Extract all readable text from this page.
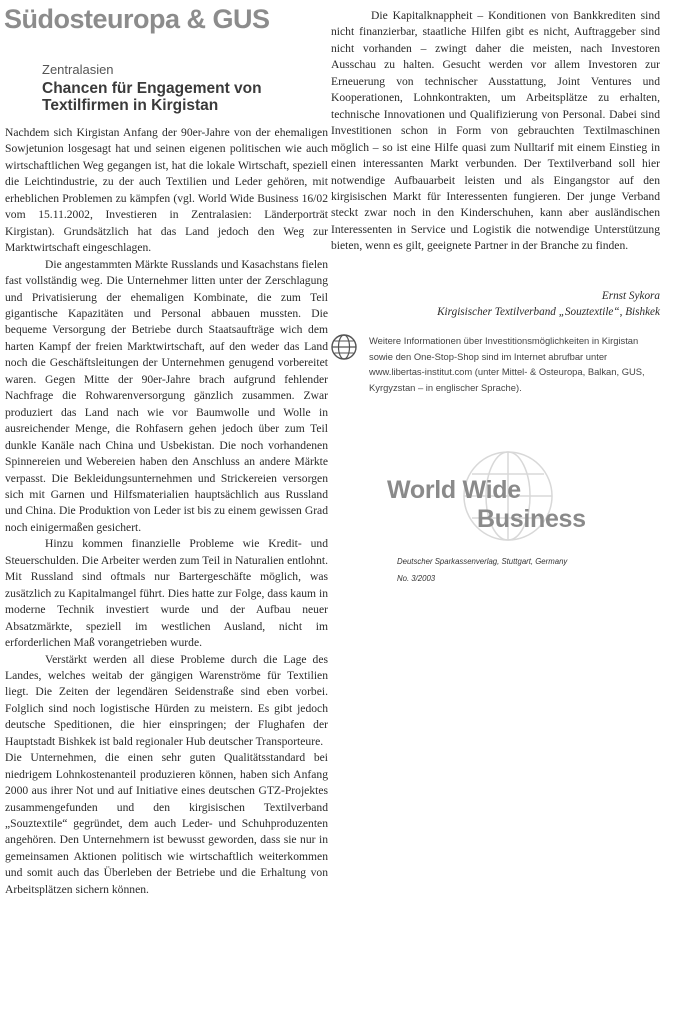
Südosteuropa & GUS
Zentralasien
Chancen für Engagement von Textilfirmen in Kirgistan

Nachdem sich Kirgistan Anfang der 90er-Jahre von der ehemaligen Sowjetunion losgesagt hat und seinen eigenen politischen wie auch wirtschaftlichen Weg gegangen ist, hat die lokale Wirtschaft, speziell die Leichtindustrie, zu der auch Textilien und Leder gehören, mit erheblichen Problemen zu kämpfen (vgl. World Wide Business 16/02 vom 15.11.2002, Investieren in Zentralasien: Länderporträt Kirgistan). Grundsätzlich hat das Land jedoch den Weg zur Marktwirtschaft eingeschlagen.

Die angestammten Märkte Russlands und Kasachstans fielen fast vollständig weg. Die Unternehmer litten unter der Zerschlagung und Privatisierung der ehemaligen Kombinate, die zum Teil gigantische Kapazitäten und Personal abbauen mussten. Die bequeme Versorgung der Betriebe durch Staatsaufträge wich dem harten Kampf der freien Marktwirtschaft, auf den weder das Land noch die Geschäftsleitungen der Unternehmen genugend vorbereitet waren. Gegen Mitte der 90er-Jahre brach aufgrund fehlender Nachfrage die Rohwarenversorgung gänzlich zusammen. Zwar produziert das Land nach wie vor Baumwolle und Wolle in ausreichender Menge, die Rohfasern gehen jedoch über zum Teil dunkle Kanäle nach China und Usbekistan. Die noch vorhandenen Spinnereien und Webereien haben den Anschluss an andere Märkte verpasst. Die Bekleidungsunternehmen und Strickereien versorgen sich mit Garnen und Hilfsmaterialien hauptsächlich aus Russland und China. Die Produktion von Leder ist bis zu einem gewissen Grad noch einigermaßen gesichert.

Hinzu kommen finanzielle Probleme wie Kredit- und Steuerschulden. Die Arbeiter werden zum Teil in Naturalien entlohnt. Mit Russland sind oftmals nur Bartergeschäfte möglich, was zusätzlich zu Kapitalmangel führt. Dies hatte zur Folge, dass kaum in moderne Technik investiert wurde und der Aufbau neuer Absatzmärkte, speziell im westlichen Ausland, nicht im erforderlichen Maß vorangetrieben wurde.

Verstärkt werden all diese Probleme durch die Lage des Landes, welches weitab der gängigen Warenströme für Textilien liegt. Die Zeiten der legendären Seidenstraße sind eben vorbei. Folglich sind noch logistische Hürden zu meistern. Es gibt jedoch deutsche Speditionen, die hier einspringen; der Flughafen der Hauptstadt Bishkek ist bald regionaler Hub deutscher Transporteure.

Die Unternehmen, die einen sehr guten Qualitätsstandard bei niedrigem Lohnkostenanteil produzieren können, haben sich Anfang 2000 aus ihrer Not und auf Initiative eines deutschen GTZ-Projektes zusammengefunden und den kirgisischen Textilverband „Souztextile“ gegründet, dem auch Leder- und Schuhproduzenten angehören. Den Unternehmern ist bewusst geworden, dass sie nur in gemeinsamen Aktionen politisch wie wirtschaftlich weiterkommen und somit auch das Überleben der Betriebe und die Erhaltung von Arbeitsplätzen sichern können.

Die Kapitalknappheit – Konditionen von Bankkrediten sind nicht finanzierbar, staatliche Hilfen gibt es nicht, Auftraggeber sind nicht vorhanden – zwingt daher die meisten, nach Investoren Ausschau zu halten. Gesucht werden vor allem Investoren zur Erneuerung von technischer Ausstattung, Joint Ventures und Kooperationen, Lohnkontrakten, um Arbeitsplätze zu erhalten, technische Innovationen und Qualifizierung von Personal. Dabei sind Investitionen schon in Form von gebrauchten Textilmaschinen möglich – so ist eine Hilfe quasi zum Nulltarif mit einem Einstieg in einen interessanten Markt verbunden. Der Textilverband soll hier notwendige Aufbauarbeit leisten und als Eingangstor auf den kirgisischen Markt für Interessenten fungieren. Der junge Verband steckt zwar noch in den Kinderschuhen, kann aber ausländischen Interessenten in Service und Logistik die notwendige Unterstützung bieten, wenn es gilt, geeignete Partner in der Branche zu finden.

Ernst Sykora
Kirgisischer Textilverband „Souztextile“, Bishkek
Weitere Informationen über Investitionsmöglichkeiten in Kirgistan sowie den One-Stop-Shop sind im Internet abrufbar unter www.libertas-institut.com (unter Mittel- & Osteuropa, Balkan, GUS, Kyrgyzstan – in englischer Sprache).
World Wide
Business
Deutscher Sparkassenverlag, Stuttgart, Germany
No. 3/2003
